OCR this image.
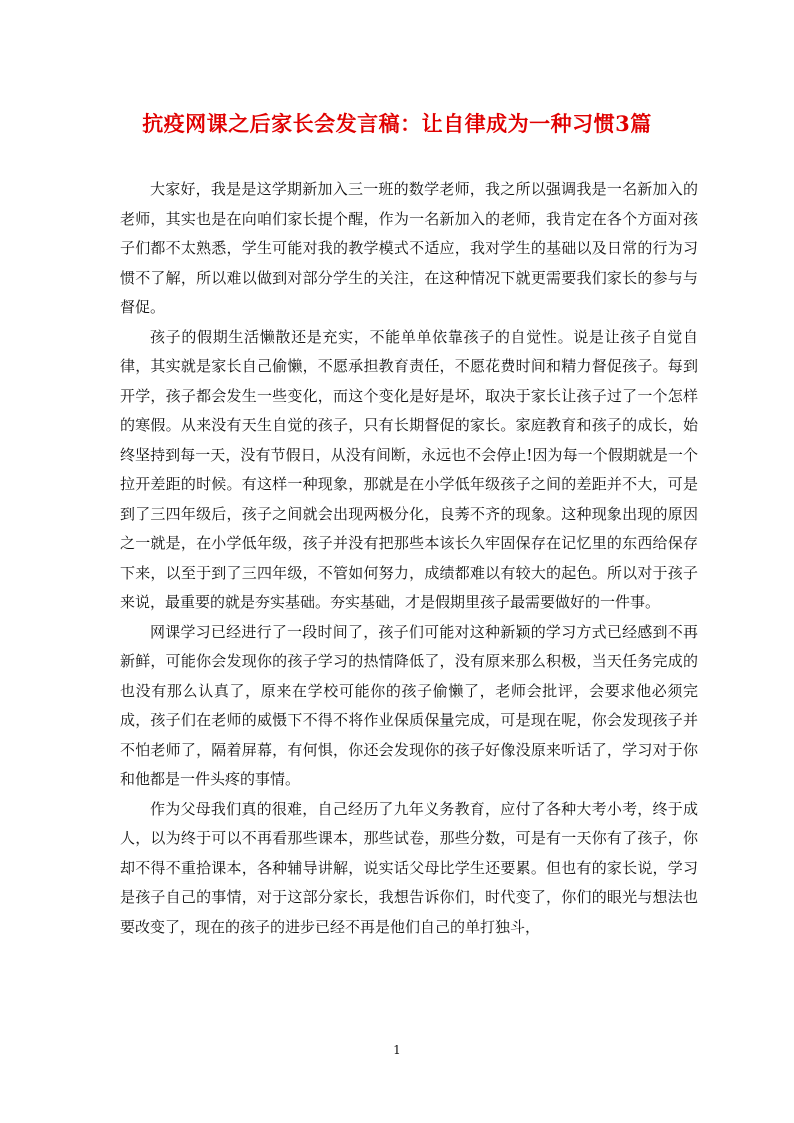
抗疫网课之后家长会发言稿：让自律成为一种习惯3篇

大家好，我是是这学期新加入三一班的数学老师，我之所以强调我是一名新加入的老师，其实也是在向咱们家长提个醒，作为一名新加入的老师，我肯定在各个方面对孩子们都不太熟悉，学生可能对我的教学模式不适应，我对学生的基础以及日常的行为习惯不了解，所以难以做到对部分学生的关注，在这种情况下就更需要我们家长的参与与督促。

孩子的假期生活懒散还是充实，不能单单依靠孩子的自觉性。说是让孩子自觉自律，其实就是家长自己偷懒，不愿承担教育责任，不愿花费时间和精力督促孩子。每到开学，孩子都会发生一些变化，而这个变化是好是坏，取决于家长让孩子过了一个怎样的寒假。从来没有天生自觉的孩子，只有长期督促的家长。家庭教育和孩子的成长，始终坚持到每一天，没有节假日，从没有间断，永远也不会停止!因为每一个假期就是一个拉开差距的时候。有这样一种现象，那就是在小学低年级孩子之间的差距并不大，可是到了三四年级后，孩子之间就会出现两极分化，良莠不齐的现象。这种现象出现的原因之一就是，在小学低年级，孩子并没有把那些本该长久牢固保存在记忆里的东西给保存下来，以至于到了三四年级，不管如何努力，成绩都难以有较大的起色。所以对于孩子来说，最重要的就是夯实基础。夯实基础，才是假期里孩子最需要做好的一件事。

网课学习已经进行了一段时间了，孩子们可能对这种新颖的学习方式已经感到不再新鲜，可能你会发现你的孩子学习的热情降低了，没有原来那么积极，当天任务完成的也没有那么认真了，原来在学校可能你的孩子偷懒了，老师会批评，会要求他必须完成，孩子们在老师的威慑下不得不将作业保质保量完成，可是现在呢，你会发现孩子并不怕老师了，隔着屏幕，有何惧，你还会发现你的孩子好像没原来听话了，学习对于你和他都是一件头疼的事情。

作为父母我们真的很难，自己经历了九年义务教育，应付了各种大考小考，终于成人，以为终于可以不再看那些课本，那些试卷，那些分数，可是有一天你有了孩子，你却不得不重拾课本，各种辅导讲解，说实话父母比学生还要累。但也有的家长说，学习是孩子自己的事情，对于这部分家长，我想告诉你们，时代变了，你们的眼光与想法也要改变了，现在的孩子的进步已经不再是他们自己的单打独斗，

1
